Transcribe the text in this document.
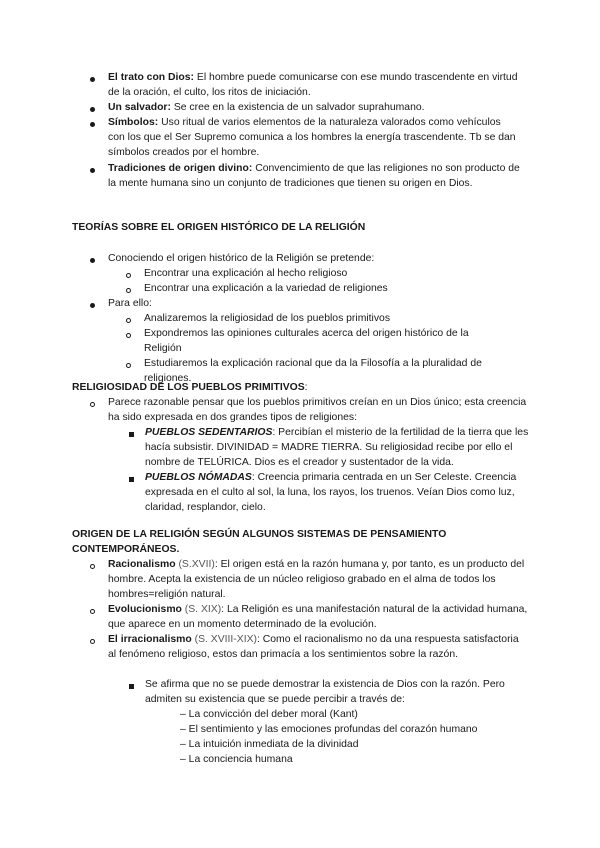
El trato con Dios: El hombre puede comunicarse con ese mundo trascendente en virtud de la oración, el culto, los ritos de iniciación.
Un salvador: Se cree en la existencia de un salvador suprahumano.
Símbolos: Uso ritual de varios elementos de la naturaleza valorados como vehículos con los que el Ser Supremo comunica a los hombres la energía trascendente. Tb se dan símbolos creados por el hombre.
Tradiciones de origen divino: Convencimiento de que las religiones no son producto de la mente humana sino un conjunto de tradiciones que tienen su origen en Dios.
TEORÍAS SOBRE EL ORIGEN HISTÓRICO DE LA RELIGIÓN
Conociendo el origen histórico de la Religión se pretende:
Encontrar una explicación al hecho religioso
Encontrar una explicación a la variedad de religiones
Para ello:
Analizaremos la religiosidad de los pueblos primitivos
Expondremos las opiniones culturales acerca del origen histórico de la Religión
Estudiaremos la explicación racional que da la Filosofía a la pluralidad de religiones.
RELIGIOSIDAD DE LOS PUEBLOS PRIMITIVOS:
Parece razonable pensar que los pueblos primitivos creían en un Dios único; esta creencia ha sido expresada en dos grandes tipos de religiones:
PUEBLOS SEDENTARIOS: Percibían el misterio de la fertilidad de la tierra que les hacía subsistir. DIVINIDAD = MADRE TIERRA. Su religiosidad recibe por ello el nombre de TELÚRICA. Dios es el creador y sustentador de la vida.
PUEBLOS NÓMADAS: Creencia primaria centrada en un Ser Celeste. Creencia expresada en el culto al sol, la luna, los rayos, los truenos. Veían Dios como luz, claridad, resplandor, cielo.
ORIGEN DE LA RELIGIÓN SEGÚN ALGUNOS SISTEMAS DE PENSAMIENTO CONTEMPORÁNEOS.
Racionalismo (S.XVII): El origen está en la razón humana y, por tanto, es un producto del hombre. Acepta la existencia de un núcleo religioso grabado en el alma de todos los hombres=religión natural.
Evolucionismo (S. XIX): La Religión es una manifestación natural de la actividad humana, que aparece en un momento determinado de la evolución.
El irracionalismo (S. XVIII-XIX): Como el racionalismo no da una respuesta satisfactoria al fenómeno religioso, estos dan primacía a los sentimientos sobre la razón.
Se afirma que no se puede demostrar la existencia de Dios con la razón. Pero admiten su existencia que se puede percibir a través de:
– La convicción del deber moral (Kant)
– El sentimiento y las emociones profundas del corazón humano
– La intuición inmediata de la divinidad
– La conciencia humana
